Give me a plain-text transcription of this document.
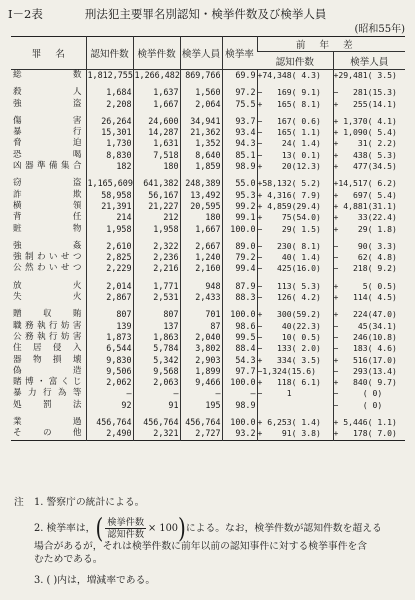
I－2表	刑法犯主要罪名別認知・検挙件数及び検挙人員
(昭和55年)
罪名	認知件数	検挙件数	検挙人員	検挙率	前年差	
					認知件数	検挙人員
総数	1,812,755	1,266,482	869,766	69.9	+74,348( 4.3)	+29,481( 3.5)

殺人	1,684	1,637	1,560	97.2	−   169( 9.1)	−   281(15.3)
強盗	2,208	1,667	2,064	75.5	+   165( 8.1)	+   255(14.1)

傷害	26,264	24,600	34,941	93.7	−   167( 0.6)	+ 1,370( 4.1)
暴行	15,301	14,287	21,362	93.4	−   165( 1.1)	+ 1,090( 5.4)
脅迫	1,730	1,631	1,352	94.3	−    24( 1.4)	+    31( 2.2)
恐喝	8,830	7,518	8,640	85.1	−    13( 0.1)	+   438( 5.3)
凶器準備集合	182	180	1,859	98.9	+    20(12.3)	+   477(34.5)

窃盗	1,165,609	641,382	248,389	55.0	+58,132( 5.2)	+14,517( 6.2)
詐欺	58,958	56,167	13,492	95.3	+ 4,316( 7.9)	+   697( 5.4)
横領	21,391	21,227	20,595	99.2	+ 4,859(29.4)	+ 4,881(31.1)
背任	214	212	180	99.1	+    75(54.0)	+    33(22.4)
賍物	1,958	1,958	1,667	100.0	−    29( 1.5)	+    29( 1.8)

強姦	2,610	2,322	2,667	89.0	−   230( 8.1)	−    90( 3.3)
強制わいせつ	2,825	2,236	1,240	79.2	−    40( 1.4)	−    62( 4.8)
公然わいせつ	2,229	2,216	2,160	99.4	−   425(16.0)	−   218( 9.2)

放火	2,014	1,771	948	87.9	−   113( 5.3)	+     5( 0.5)
失火	2,867	2,531	2,433	88.3	−   126( 4.2)	+   114( 4.5)

贈収賄	807	807	701	100.0	+   300(59.2)	+   224(47.0)
職務執行妨害	139	137	87	98.6	−    40(22.3)	−    45(34.1)
公務執行妨害	1,873	1,863	2,040	99.5	−    10( 0.5)	−   246(10.8)
住居侵入	6,544	5,784	3,802	88.4	−   133( 2.0)	−   183( 4.6)
器物損壊	9,830	5,342	2,903	54.3	+   334( 3.5)	+   516(17.0)
偽造	9,506	9,568	1,899	97.7	−1,324(15.6)	−   293(13.4)
賭博・富くじ	2,062	2,063	9,466	100.0	+   118( 6.1)	+   840( 9.7)
暴力行為等	—	—	—	—	−     1	−     ( 0)
処罰法	92	91	195	98.9		−     ( 0)

業過	456,764	456,764	456,764	100.0	+ 6,253( 1.4)	+ 5,446( 1.1)
その他	2,490	2,321	2,727	93.2	+    91( 3.8)	+   178( 7.0)
注 1. 警察庁の統計による。
2. 検挙率は，( $\frac{\text{検挙件数}}{\text{認知件数}} \times 100$)による。なお，検挙件数が認知件数を超える
場合があるが，それは検挙件数に前年以前の認知事件に対する検挙事件を含
むためである。
3. ( )内は，増減率である。
